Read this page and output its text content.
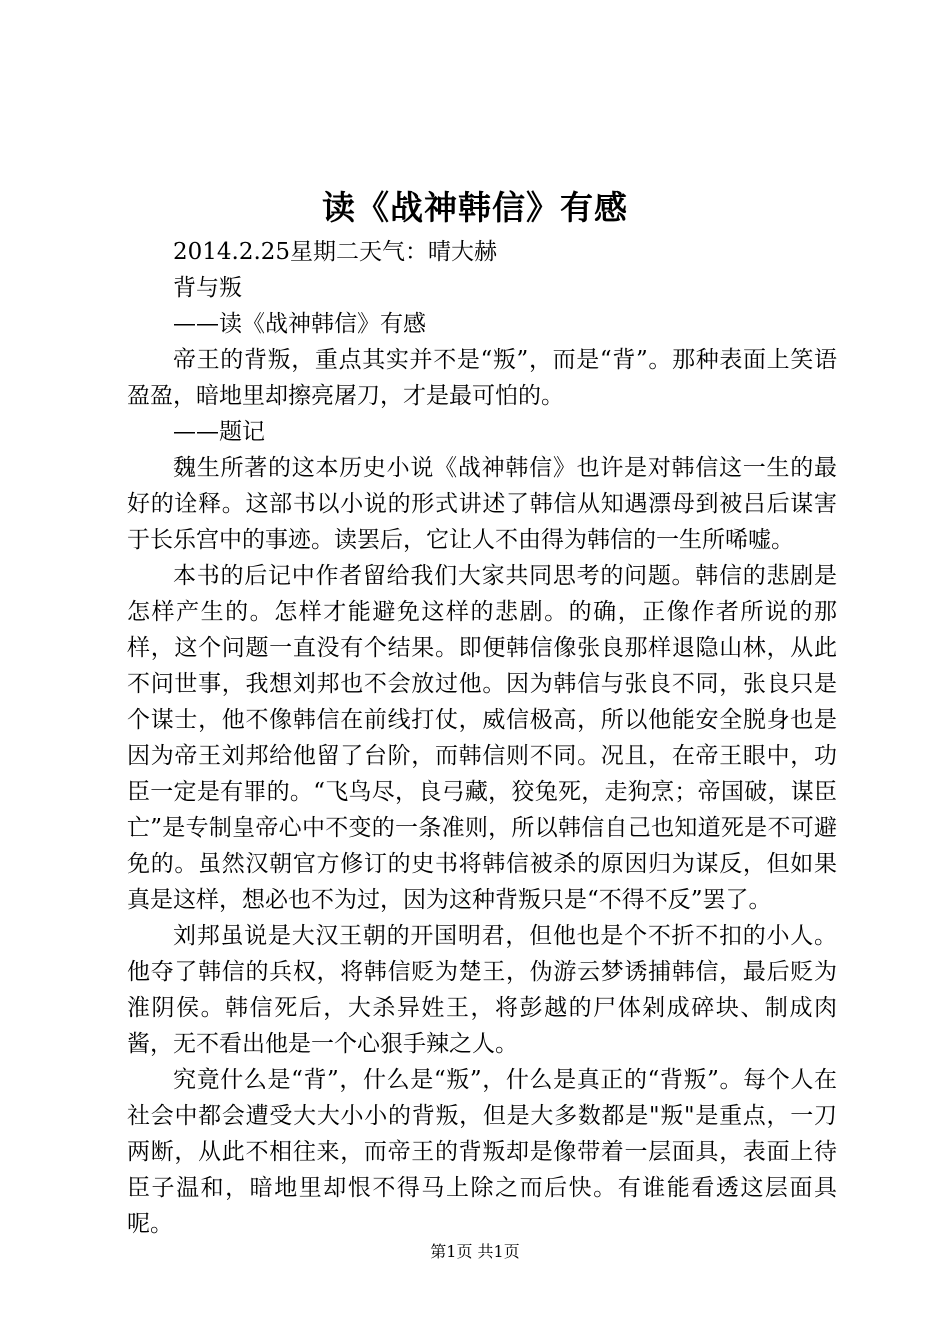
读《战神韩信》有感

2014.2.25星期二天气：晴大赫

背与叛

——读《战神韩信》有感

帝王的背叛，重点其实并不是“叛”，而是“背”。那种表面上笑语盈盈，暗地里却擦亮屠刀，才是最可怕的。

——题记

魏生所著的这本历史小说《战神韩信》也许是对韩信这一生的最好的诠释。这部书以小说的形式讲述了韩信从知遇漂母到被吕后谋害于长乐宫中的事迹。读罢后，它让人不由得为韩信的一生所唏嘘。

本书的后记中作者留给我们大家共同思考的问题。韩信的悲剧是怎样产生的。怎样才能避免这样的悲剧。的确，正像作者所说的那样，这个问题一直没有个结果。即便韩信像张良那样退隐山林，从此不问世事，我想刘邦也不会放过他。因为韩信与张良不同，张良只是个谋士，他不像韩信在前线打仗，威信极高，所以他能安全脱身也是因为帝王刘邦给他留了台阶，而韩信则不同。况且，在帝王眼中，功臣一定是有罪的。“飞鸟尽，良弓藏，狡兔死，走狗烹；帝国破，谋臣亡”是专制皇帝心中不变的一条准则，所以韩信自己也知道死是不可避免的。虽然汉朝官方修订的史书将韩信被杀的原因归为谋反，但如果真是这样，想必也不为过，因为这种背叛只是“不得不反”罢了。

刘邦虽说是大汉王朝的开国明君，但他也是个不折不扣的小人。他夺了韩信的兵权，将韩信贬为楚王，伪游云梦诱捕韩信，最后贬为淮阴侯。韩信死后，大杀异姓王，将彭越的尸体剁成碎块、制成肉酱，无不看出他是一个心狠手辣之人。

究竟什么是“背”，什么是“叛”，什么是真正的“背叛”。每个人在社会中都会遭受大大小小的背叛，但是大多数都是"叛"是重点，一刀两断，从此不相往来，而帝王的背叛却是像带着一层面具，表面上待臣子温和，暗地里却恨不得马上除之而后快。有谁能看透这层面具呢。

第1页 共1页
